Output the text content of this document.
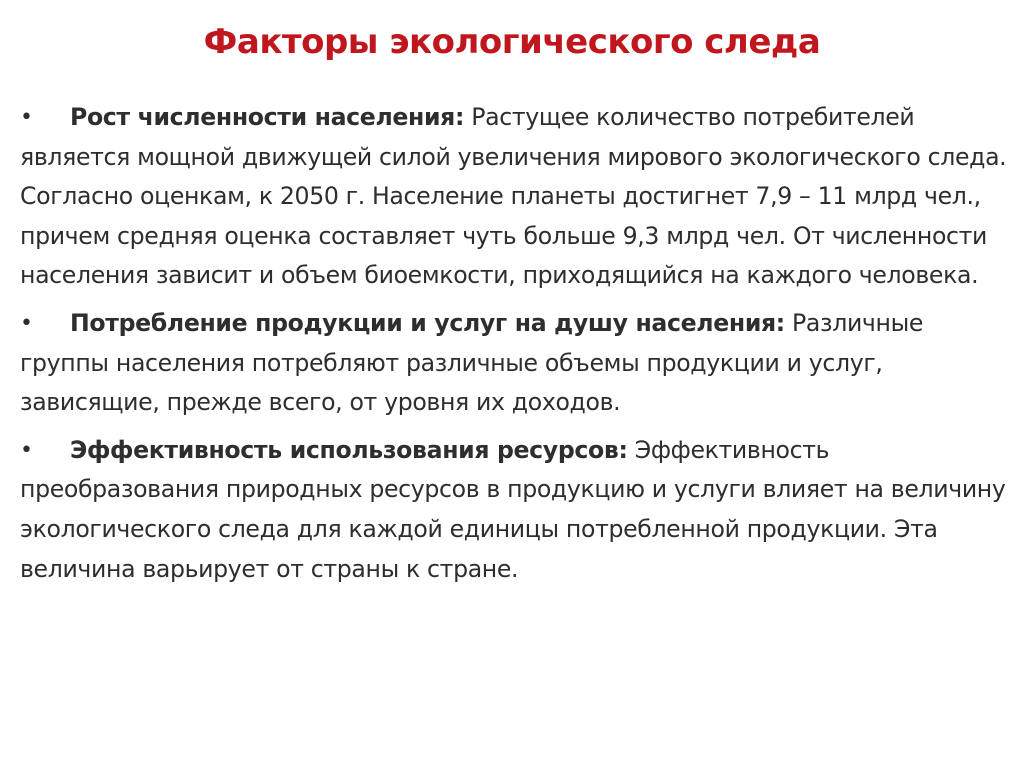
Факторы экологического следа
• Рост численности населения: Растущее количество потребителей является мощной движущей силой увеличения мирового экологического следа. Согласно оценкам, к 2050 г. Население планеты достигнет 7,9 – 11 млрд чел., причем средняя оценка составляет чуть больше 9,3 млрд чел. От численности населения зависит и объем биоемкости, приходящийся на каждого человека.
• Потребление продукции и услуг на душу населения: Различные группы населения потребляют различные объемы продукции и услуг, зависящие, прежде всего, от уровня их доходов.
• Эффективность использования ресурсов: Эффективность преобразования природных ресурсов в продукцию и услуги влияет на величину экологического следа для каждой единицы потребленной продукции. Эта величина варьирует от страны к стране.
